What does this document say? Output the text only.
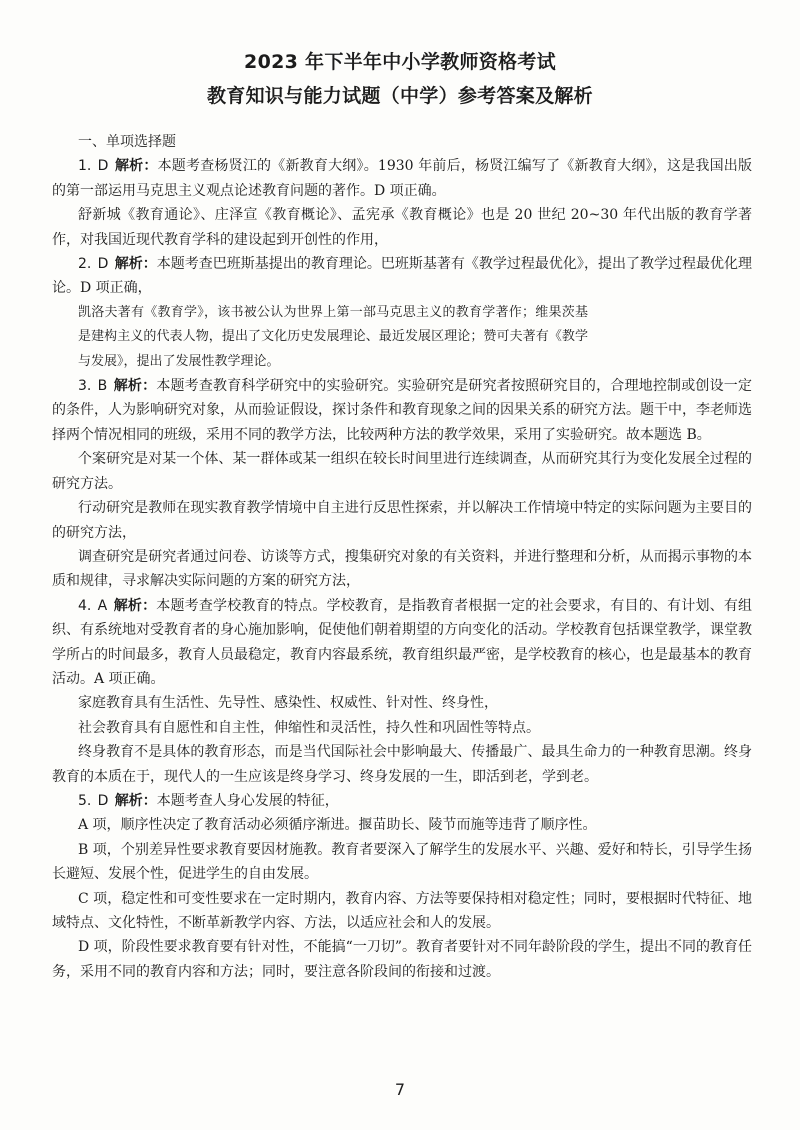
2023 年下半年中小学教师资格考试
教育知识与能力试题（中学）参考答案及解析

一、单项选择题

1. D 解析：本题考查杨贤江的《新教育大纲》。1930 年前后，杨贤江编写了《新教育大纲》，这是我国出版的第一部运用马克思主义观点论述教育问题的著作。D 项正确。

舒新城《教育通论》、庄泽宣《教育概论》、孟宪承《教育概论》也是 20 世纪 20~30 年代出版的教育学著作，对我国近现代教育学科的建设起到开创性的作用，

2. D 解析：本题考查巴班斯基提出的教育理论。巴班斯基著有《教学过程最优化》，提出了教学过程最优化理论。D 项正确，

凯洛夫著有《教育学》，该书被公认为世界上第一部马克思主义的教育学著作；维果茨基是建构主义的代表人物，提出了文化历史发展理论、最近发展区理论；赞可夫著有《教学与发展》，提出了发展性教学理论。

3. B 解析：本题考查教育科学研究中的实验研究。实验研究是研究者按照研究目的，合理地控制或创设一定的条件，人为影响研究对象，从而验证假设，探讨条件和教育现象之间的因果关系的研究方法。题干中，李老师选择两个情况相同的班级，采用不同的教学方法，比较两种方法的教学效果，采用了实验研究。故本题选 B。

个案研究是对某一个体、某一群体或某一组织在较长时间里进行连续调查，从而研究其行为变化发展全过程的研究方法。

行动研究是教师在现实教育教学情境中自主进行反思性探索，并以解决工作情境中特定的实际问题为主要目的的研究方法，

调查研究是研究者通过问卷、访谈等方式，搜集研究对象的有关资料，并进行整理和分析，从而揭示事物的本质和规律，寻求解决实际问题的方案的研究方法，

4. A 解析：本题考查学校教育的特点。学校教育，是指教育者根据一定的社会要求，有目的、有计划、有组织、有系统地对受教育者的身心施加影响，促使他们朝着期望的方向变化的活动。学校教育包括课堂教学，课堂教学所占的时间最多，教育人员最稳定，教育内容最系统，教育组织最严密，是学校教育的核心，也是最基本的教育活动。A 项正确。

家庭教育具有生活性、先导性、感染性、权威性、针对性、终身性，

社会教育具有自愿性和自主性，伸缩性和灵活性，持久性和巩固性等特点。

终身教育不是具体的教育形态，而是当代国际社会中影响最大、传播最广、最具生命力的一种教育思潮。终身教育的本质在于，现代人的一生应该是终身学习、终身发展的一生，即活到老，学到老。

5. D 解析：本题考查人身心发展的特征，

A 项，顺序性决定了教育活动必须循序渐进。揠苗助长、陵节而施等违背了顺序性。

B 项，个别差异性要求教育要因材施教。教育者要深入了解学生的发展水平、兴趣、爱好和特长，引导学生扬长避短、发展个性，促进学生的自由发展。

C 项，稳定性和可变性要求在一定时期内，教育内容、方法等要保持相对稳定性；同时，要根据时代特征、地域特点、文化特性，不断革新教学内容、方法，以适应社会和人的发展。

D 项，阶段性要求教育要有针对性，不能搞“一刀切”。教育者要针对不同年龄阶段的学生，提出不同的教育任务，采用不同的教育内容和方法；同时，要注意各阶段间的衔接和过渡。

7
